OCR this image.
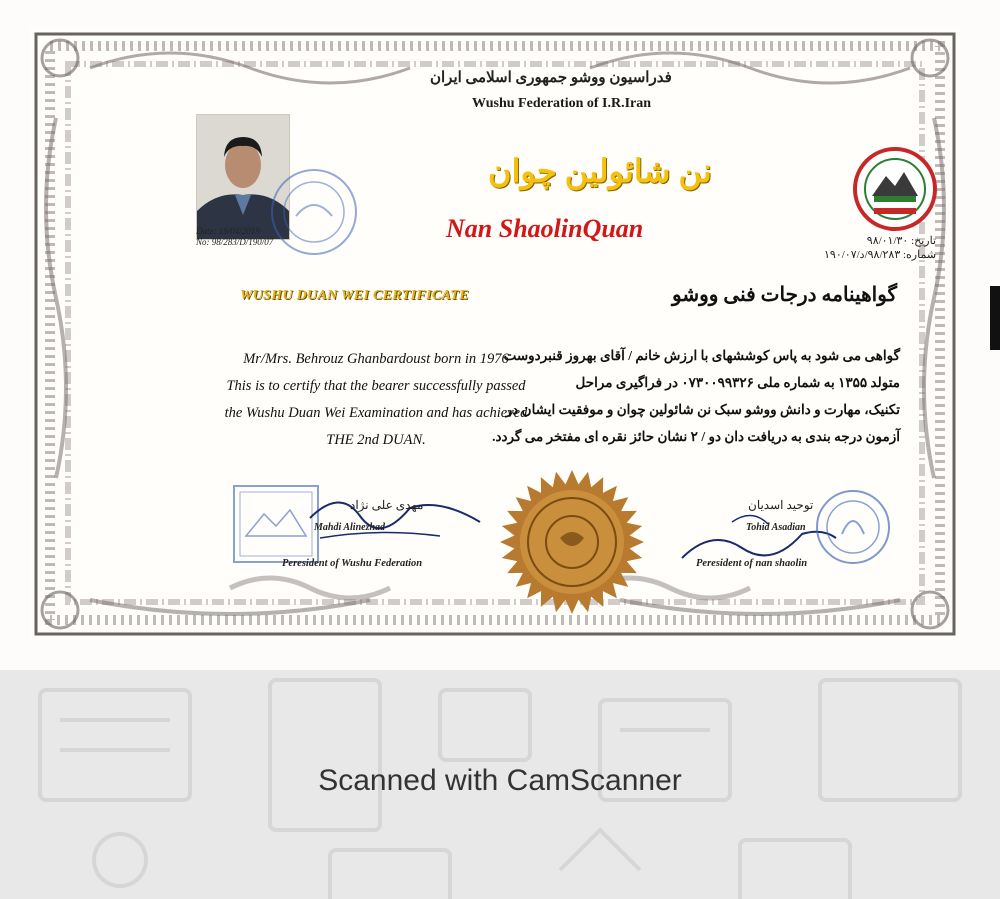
فدراسیون ووشو جمهوری اسلامی ایران
Wushu Federation of I.R.Iran
نن شائولین چوان
Nan ShaolinQuan
Date: 19/04/2019
No: 98/283/D/190/07	تاریخ: ۹۸/۰۱/۳۰
شماره: ۹۸/۲۸۳/د/۱۹۰/۰۷
WUSHU DUAN WEI CERTIFICATE	گواهینامه درجات فنی ووشو
Mr/Mrs. Behrouz Ghanbardoust born in 1976
This is to certify that the bearer successfully passed
the Wushu Duan Wei Examination and has achieved
THE 2nd DUAN.
گواهی می شود به پاس کوششهای با ارزش خانم / آقای بهروز قنبردوست
متولد ۱۳۵۵ به شماره ملی ۰۷۳۰۰۹۹۳۲۶ در فراگیری مراحل
تکنیک، مهارت و دانش ووشو سبک نن شائولین چوان و موفقیت ایشان در
آزمون درجه بندی به دریافت دان دو / ۲ نشان حائز نقره ای مفتخر می گردد.
مهدی علی نژاد
Mahdi Alinezhad
Peresident of Wushu Federation
توحید اسدیان
Tohid Asadian
Peresident of nan shaolin
Scanned with CamScanner
